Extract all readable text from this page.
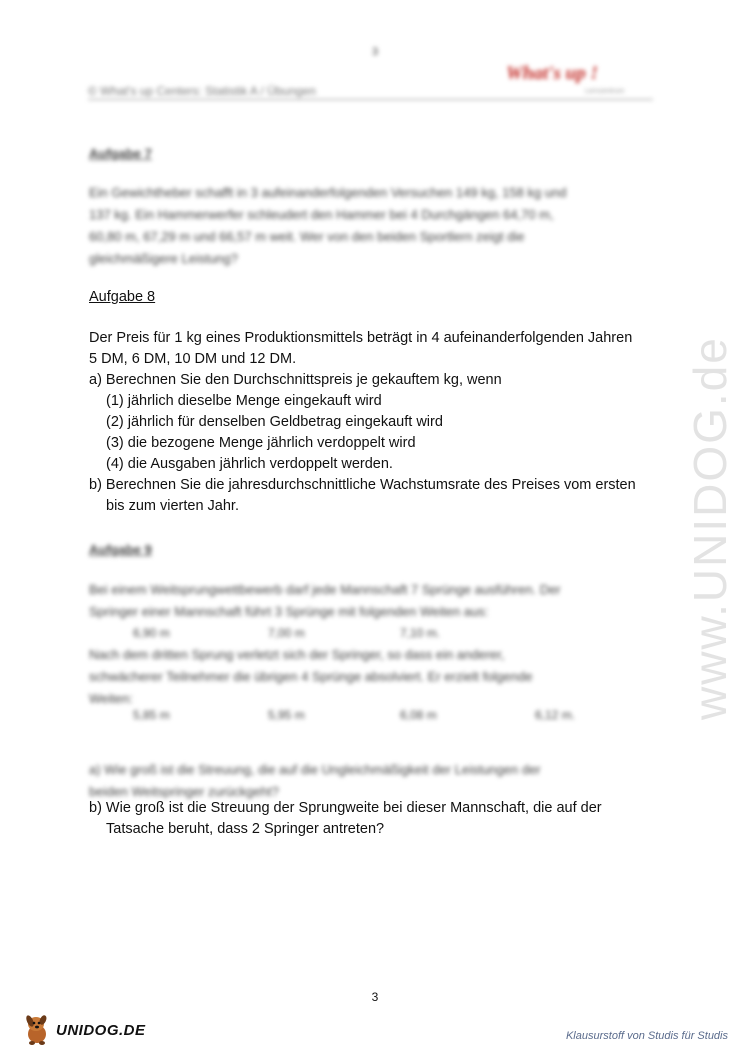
3
© What's up Centers: Statistik A / Übungen
What's up !
Lernzentrum
www.UNIDOG.de
Aufgabe 7
Ein Gewichtheber schafft in 3 aufeinanderfolgenden Versuchen 149 kg, 158 kg und
137 kg. Ein Hammerwerfer schleudert den Hammer bei 4 Durchgängen 64,70 m,
60,80 m, 67,29 m und 66,57 m weit. Wer von den beiden Sportlern zeigt die
gleichmäßigere Leistung?
Aufgabe 8
Der Preis für 1 kg eines Produktionsmittels beträgt in 4 aufeinanderfolgenden Jahren
5 DM, 6 DM, 10 DM und 12 DM.
a) Berechnen Sie den Durchschnittspreis je gekauftem kg, wenn
(1) jährlich dieselbe Menge eingekauft wird
(2) jährlich für denselben Geldbetrag eingekauft wird
(3) die bezogene Menge jährlich verdoppelt wird
(4) die Ausgaben jährlich verdoppelt werden.
b) Berechnen Sie die jahresdurchschnittliche Wachstumsrate des Preises vom ersten
bis zum vierten Jahr.
Aufgabe 9
Bei einem Weitsprungwettbewerb darf jede Mannschaft 7 Sprünge ausführen. Der
Springer einer Mannschaft führt 3 Sprünge mit folgenden Weiten aus:
6,90 m	7,00 m	7,10 m.
Nach dem dritten Sprung verletzt sich der Springer, so dass ein anderer,
schwächerer Teilnehmer die übrigen 4 Sprünge absolviert. Er erzielt folgende
Weiten:
5,85 m	5,95 m	6,08 m	6,12 m.
a) Wie groß ist die Streuung, die auf die Ungleichmäßigkeit der Leistungen der
beiden Weitspringer zurückgeht?
b) Wie groß ist die Streuung der Sprungweite bei dieser Mannschaft, die auf der
Tatsache beruht, dass 2 Springer antreten?
3
UNIDOG.DE	Klausurstoff von Studis für Studis
